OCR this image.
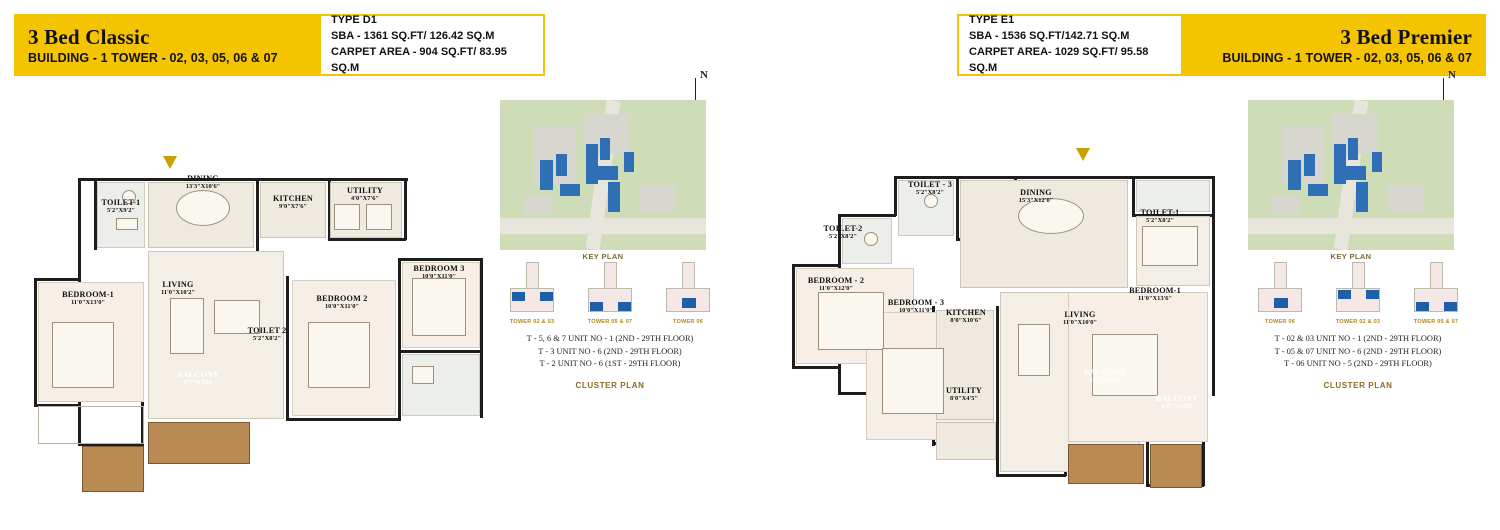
3 Bed Classic
BUILDING - 1 TOWER - 02, 03, 05, 06 & 07
TYPE D1
SBA - 1361 SQ.FT/ 126.42 SQ.M
CARPET AREA - 904 SQ.FT/ 83.95 SQ.M
TYPE E1
SBA - 1536 SQ.FT/142.71 SQ.M
CARPET AREA- 1029 SQ.FT/ 95.58 SQ.M
3 Bed Premier
BUILDING - 1 TOWER - 02, 03, 05, 06 & 07
TOILET-1
5'2"X9'2"
DINING
13'3"X10'6"
KITCHEN
9'0"X7'6"
UTILITY
4'0"X7'6"
BEDROOM 3
10'0"X11'0"
BEDROOM-1
11'0"X13'0"
LIVING
11'0"X10'2"
BEDROOM 2
10'0"X11'0"
TOILET 2
5'2"X8'2"
BALCONY
4'7"WIDE
BALCONY
4'0"WIDE
N
KEY PLAN
TOWER 02 & 03	TOWER 05 & 07	TOWER 06
T - 5, 6 & 7 UNIT NO - 1 (2ND - 29TH FLOOR)
T - 3 UNIT NO - 6 (2ND - 29TH FLOOR)
T - 2 UNIT NO - 6 (1ST - 29TH FLOOR)
CLUSTER PLAN
TOILET - 3
5'2"X8'2"	DINING
15'3"X12'0"
TOILET-1
5'2"X8'2"
BEDROOM - 2
11'0"X12'0"
TOILET-2
5'2"X8'2"
BEDROOM - 3
10'0"X11'0"	KITCHEN
8'0"X10'6"
LIVING
11'0"X10'0"
BEDROOM-1
11'0"X13'6"
UTILITY
8'0"X4'5"
BALCONY
5'0" WIDE
BALCONY
4'0" WIDE
N
KEY PLAN
TOWER 06	TOWER 02 & 03	TOWER 05 & 07
T - 02 & 03 UNIT NO - 1 (2ND - 29TH FLOOR)
T - 05 & 07 UNIT NO - 6 (2ND - 29TH FLOOR)
T - 06 UNIT NO - 5 (2ND - 29TH FLOOR)
CLUSTER PLAN
